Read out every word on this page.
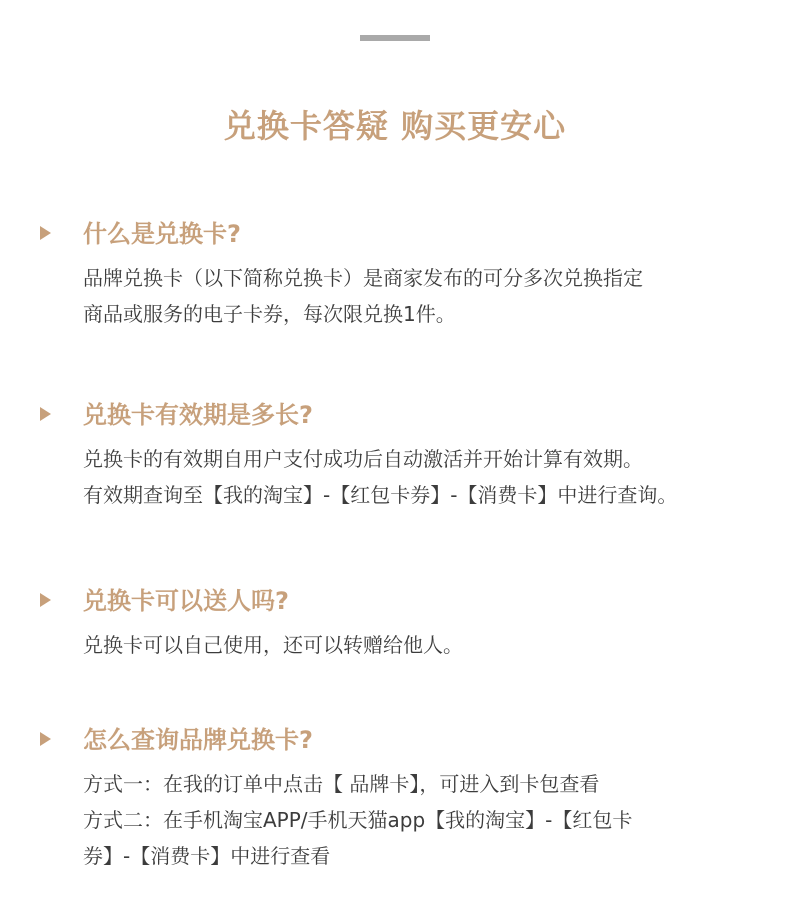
兑换卡答疑 购买更安心
什么是兑换卡?
品牌兑换卡（以下简称兑换卡）是商家发布的可分多次兑换指定
商品或服务的电子卡券，每次限兑换1件。
兑换卡有效期是多长?
兑换卡的有效期自用户支付成功后自动激活并开始计算有效期。
有效期查询至【我的淘宝】-【红包卡券】-【消费卡】中进行查询。
兑换卡可以送人吗?
兑换卡可以自己使用，还可以转赠给他人。
怎么查询品牌兑换卡?
方式一：在我的订单中点击【 品牌卡】，可进入到卡包查看
方式二：在手机淘宝APP/手机天猫app【我的淘宝】-【红包卡
券】-【消费卡】中进行查看
